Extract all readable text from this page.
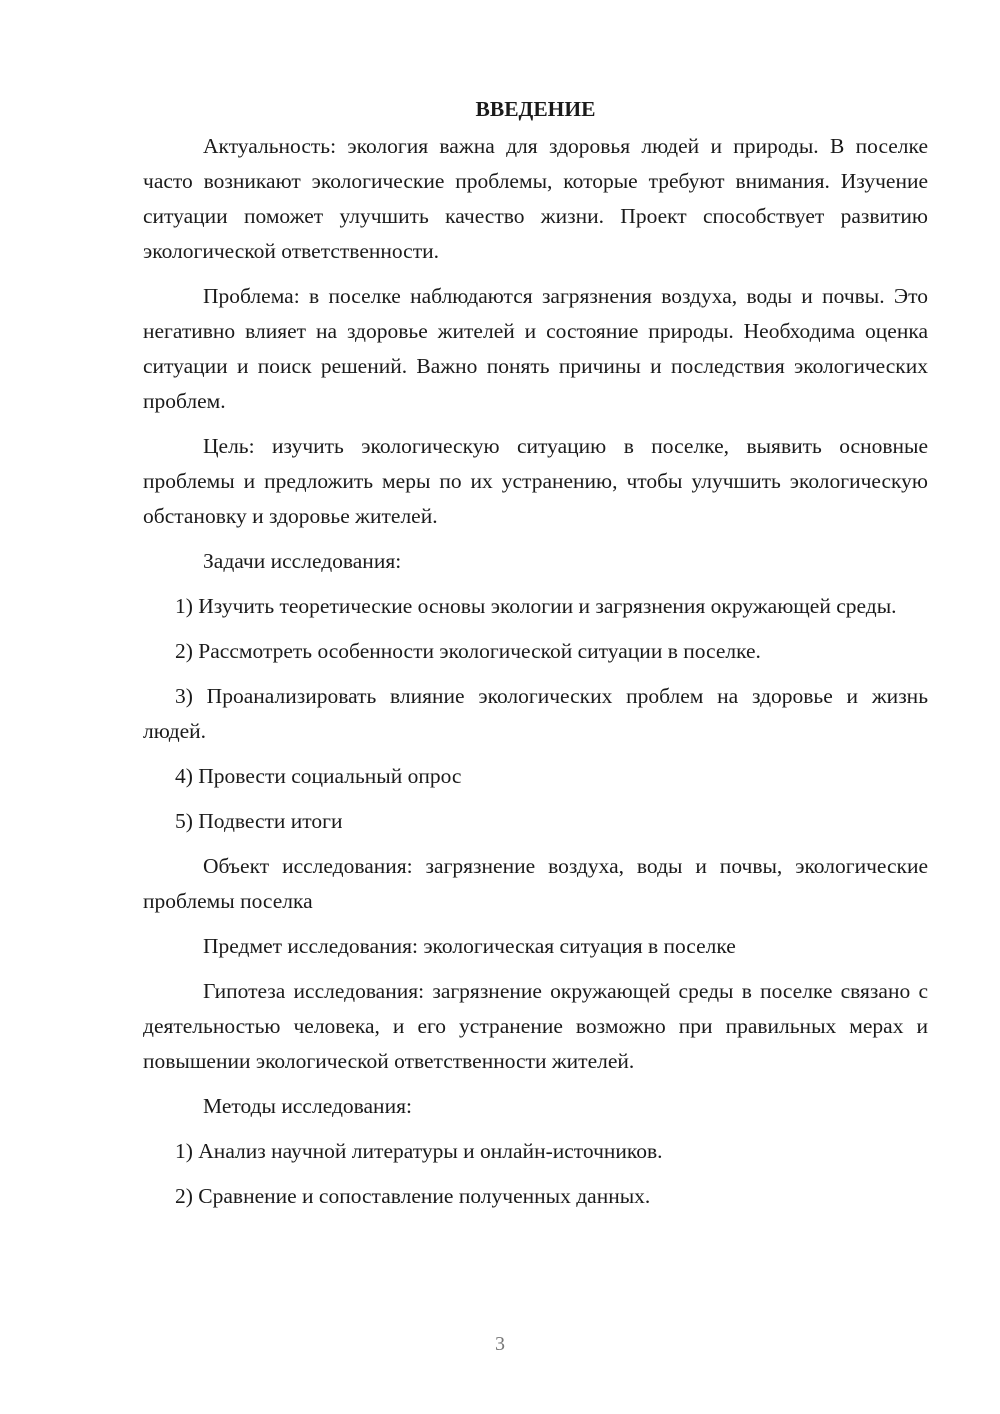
ВВЕДЕНИЕ

Актуальность: экология важна для здоровья людей и природы. В поселке часто возникают экологические проблемы, которые требуют внимания. Изучение ситуации поможет улучшить качество жизни. Проект способствует развитию экологической ответственности.

Проблема: в поселке наблюдаются загрязнения воздуха, воды и почвы. Это негативно влияет на здоровье жителей и состояние природы. Необходима оценка ситуации и поиск решений. Важно понять причины и последствия экологических проблем.

Цель: изучить экологическую ситуацию в поселке, выявить основные проблемы и предложить меры по их устранению, чтобы улучшить экологическую обстановку и здоровье жителей.

Задачи исследования:

1) Изучить теоретические основы экологии и загрязнения окружающей среды.

2) Рассмотреть особенности экологической ситуации в поселке.

3) Проанализировать влияние экологических проблем на здоровье и жизнь людей.

4) Провести социальный опрос

5) Подвести итоги

Объект исследования: загрязнение воздуха, воды и почвы, экологические проблемы поселка

Предмет исследования: экологическая ситуация в поселке

Гипотеза исследования: загрязнение окружающей среды в поселке связано с деятельностью человека, и его устранение возможно при правильных мерах и повышении экологической ответственности жителей.

Методы исследования:

1) Анализ научной литературы и онлайн-источников.

2) Сравнение и сопоставление полученных данных.

3
